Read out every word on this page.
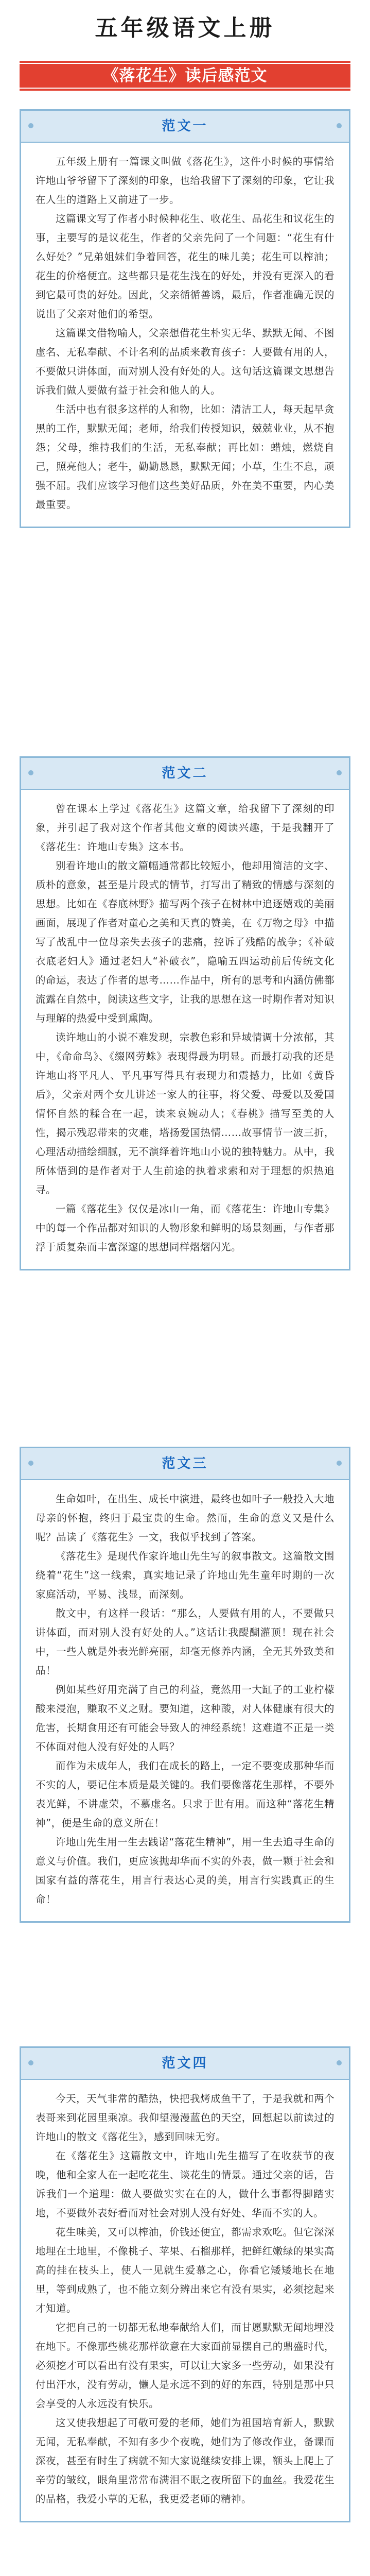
五年级语文上册
《落花生》读后感范文
范文一

五年级上册有一篇课文叫做《落花生》，这件小时候的事情给许地山爷爷留下了深刻的印象，也给我留下了深刻的印象，它让我在人生的道路上又前进了一步。

这篇课文写了作者小时候种花生、收花生、品花生和议花生的事，主要写的是议花生，作者的父亲先问了一个问题：“花生有什么好处？”兄弟姐妹们争着回答，花生的味儿美；花生可以榨油；花生的价格便宜。这些都只是花生浅在的好处，并没有更深入的看到它最可贵的好处。因此，父亲循循善诱，最后，作者准确无误的说出了父亲对他们的希望。

这篇课文借物喻人，父亲想借花生朴实无华、默默无闻、不图虚名、无私奉献、不计名利的品质来教育孩子：人要做有用的人，不要做只讲体面，而对别人没有好处的人。这句话这篇课文思想告诉我们做人要做有益于社会和他人的人。

生活中也有很多这样的人和物，比如：清洁工人，每天起早贪黑的工作，默默无闻；老师，给我们传授知识，兢兢业业，从不抱怨；父母，维持我们的生活，无私奉献；再比如：蜡烛，燃烧自己，照亮他人；老牛，勤勤恳恳，默默无闻；小草，生生不息，顽强不屈。我们应该学习他们这些美好品质，外在美不重要，内心美最重要。

范文二

曾在课本上学过《落花生》这篇文章，给我留下了深刻的印象，并引起了我对这个作者其他文章的阅读兴趣，于是我翻开了《落花生：许地山专集》这本书。

别看许地山的散文篇幅通常都比较短小，他却用简洁的文字、质朴的意象，甚至是片段式的情节，打写出了精致的情感与深刻的思想。比如在《春底林野》描写两个孩子在树林中追逐嬉戏的美丽画面，展现了作者对童心之美和天真的赞美，在《万物之母》中描写了战乱中一位母亲失去孩子的悲痛，控诉了残酷的战争；《补破衣底老妇人》通过老妇人“补破衣”，隐喻五四运动前后传统文化的命运，表达了作者的思考……作品中，所有的思考和内涵仿佛都流露在自然中，阅读这些文字，让我的思想在这一时期作者对知识与理解的热爱中受到熏陶。

读许地山的小说不难发现，宗教色彩和异域情调十分浓郁，其中，《命命鸟》、《缀网劳蛛》表现得最为明显。而最打动我的还是许地山将平凡人、平凡事写得具有表现力和震撼力，比如《黄昏后》，父亲对两个女儿讲述一家人的往事，将父爱、母爱以及爱国情怀自然的糅合在一起，读来哀婉动人；《春桃》描写至美的人性，揭示残忍带来的灾难，塔扬爱国热情……故事情节一波三折，心理活动描绘细腻，无不演绎着许地山小说的独特魅力。从中，我所体悟到的是作者对于人生前途的执着求索和对于理想的炽热追寻。

一篇《落花生》仅仅是冰山一角，而《落花生：许地山专集》中的每一个作品都对知识的人物形象和鲜明的场景刻画，与作者那浮于质复杂而丰富深邃的思想同样熠熠闪光。

范文三

生命如叶，在出生、成长中演进，最终也如叶子一般投入大地母亲的怀抱，终归于最宝贵的生命。然而，生命的意义又是什么呢？品读了《落花生》一文，我似乎找到了答案。

《落花生》是现代作家许地山先生写的叙事散文。这篇散文围绕着“花生”这一线索，真实地记录了许地山先生童年时期的一次家庭活动，平易、浅显，而深刻。

散文中，有这样一段话：“那么，人要做有用的人，不要做只讲体面，而对别人没有好处的人。”这话让我醍醐灌顶！现在社会中，一些人就是外表光鲜亮丽，却毫无修养内涵，全无其外致美和品！

例如某些好用充满了自己的利益，竟然用一大缸子的工业柠檬酸来浸泡，赚取不义之财。要知道，这种酸，对人体健康有很大的危害，长期食用还有可能会导致人的神经系统！这难道不正是一类不体面对他人没有好处的人吗？

而作为未成年人，我们在成长的路上，一定不要变成那种华而不实的人，要记住本质是最关键的。我们要像落花生那样，不要外表光鲜，不讲虚荣，不慕虚名。只求于世有用。而这种“落花生精神”，便是生命的意义所在！

许地山先生用一生去践诺“落花生精神”，用一生去追寻生命的意义与价值。我们，更应该抛却华而不实的外表，做一颗于社会和国家有益的落花生，用言行表达心灵的美，用言行实践真正的生命！

范文四

今天，天气非常的酷热，快把我烤成鱼干了，于是我就和两个表哥来到花园里乘凉。我仰望漫漫蓝色的天空，回想起以前读过的许地山的散文《落花生》，感到回味无穷。

在《落花生》这篇散文中，许地山先生描写了在收获节的夜晚，他和全家人在一起吃花生、谈花生的情景。通过父亲的话，告诉我们一个道理：做人要做实实在在的人，做什么事都得脚踏实地，不要做外表好看而对社会对别人没有好处、华而不实的人。

花生味美，又可以榨油，价钱还便宜，都需求欢吃。但它深深地埋在土地里，不像桃子、苹果、石榴那样，把鲜红嫩绿的果实高高的挂在枝头上，使人一见就生爱慕之心，你看它矮矮地长在地里，等到成熟了，也不能立刻分辨出来它有没有果实，必须挖起来才知道。

它把自己的一切都无私地奉献给人们，而甘愿默默无闻地埋没在地下。不像那些桃花那样欲意在大家面前显摆自己的鼎盛时代，必须挖才可以看出有没有果实，可以让大家多一些劳动，如果没有付出汗水，没有劳动，懒人是永远不到的好的东西，特别是那中只会享受的人永远没有快乐。

这又使我想起了可敬可爱的老师，她们为祖国培育新人，默默无闻，无私奉献，不知有多少个夜晚，她们为了修改作业，备课而深夜，甚至有时生了病就不知大家说继续安排上课，额头上爬上了辛劳的皱纹，眼角里常常布满泪不眠之夜所留下的血丝。我爱花生的品格，我爱小草的无私，我更爱老师的精神。
